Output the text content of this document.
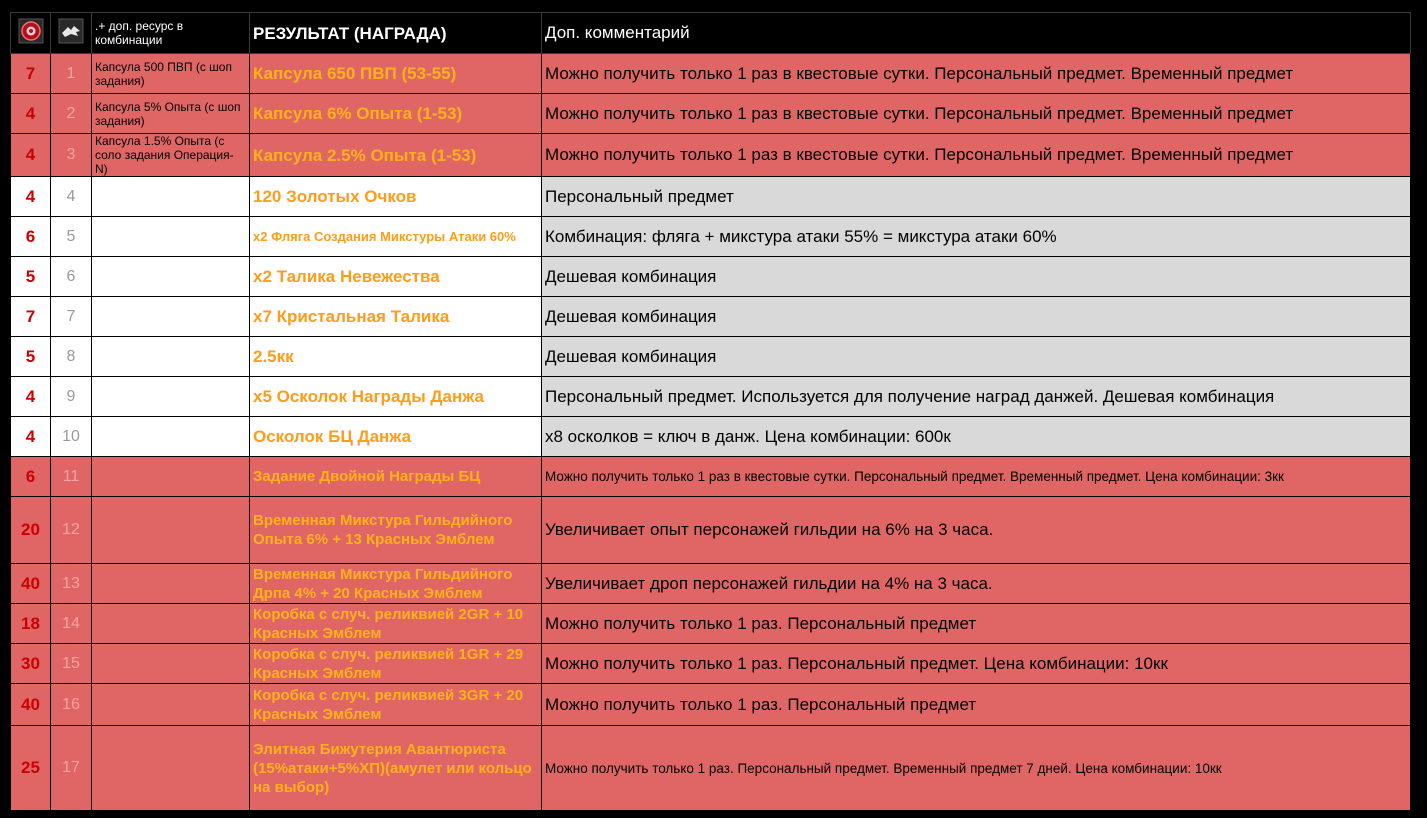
		.+ доп. ресурс в комбинации	РЕЗУЛЬТАТ (НАГРАДА)	Доп. комментарий
7	1	Капсула 500 ПВП (с шоп задания)	Капсула 650 ПВП (53-55)	Можно получить только 1 раз в квестовые сутки. Персональный предмет. Временный предмет
4	2	Капсула 5% Опыта (с шоп задания)	Капсула 6% Опыта (1-53)	Можно получить только 1 раз в квестовые сутки. Персональный предмет. Временный предмет
4	3	Капсула 1.5% Опыта (с соло задания Операция-N)	Капсула 2.5% Опыта (1-53)	Можно получить только 1 раз в квестовые сутки. Персональный предмет. Временный предмет
4	4		120 Золотых Очков	Персональный предмет
6	5		х2 Фляга Создания Микстуры Атаки 60%	Комбинация: фляга + микстура атаки 55% = микстура атаки 60%
5	6		х2 Талика Невежества	Дешевая комбинация
7	7		х7 Кристальная Талика	Дешевая комбинация
5	8		2.5кк	Дешевая комбинация
4	9		х5 Осколок Награды Данжа	Персональный предмет. Используется для получение наград данжей. Дешевая комбинация
4	10		Осколок БЦ Данжа	х8 осколков = ключ в данж. Цена комбинации: 600к
6	11		Задание Двойной Награды БЦ	Можно получить только 1 раз в квестовые сутки. Персональный предмет. Временный предмет. Цена комбинации: 3кк
20	12		Временная Микстура Гильдийного Опыта 6% + 13 Красных Эмблем	Увеличивает опыт персонажей гильдии на 6% на 3 часа.
40	13		Временная Микстура Гильдийного Дрпа 4% + 20 Красных Эмблем	Увеличивает дроп персонажей гильдии на 4% на 3 часа.
18	14		Коробка с случ. реликвией 2GR + 10 Красных Эмблем	Можно получить только 1 раз. Персональный предмет
30	15		Коробка с случ. реликвией 1GR + 29 Красных Эмблем	Можно получить только 1 раз. Персональный предмет. Цена комбинации: 10кк
40	16		Коробка с случ. реликвией 3GR + 20 Красных Эмблем	Можно получить только 1 раз. Персональный предмет
25	17		Элитная Бижутерия Авантюриста (15%атаки+5%ХП)(амулет или кольцо на выбор)	Можно получить только 1 раз. Персональный предмет. Временный предмет 7 дней. Цена комбинации: 10кк
